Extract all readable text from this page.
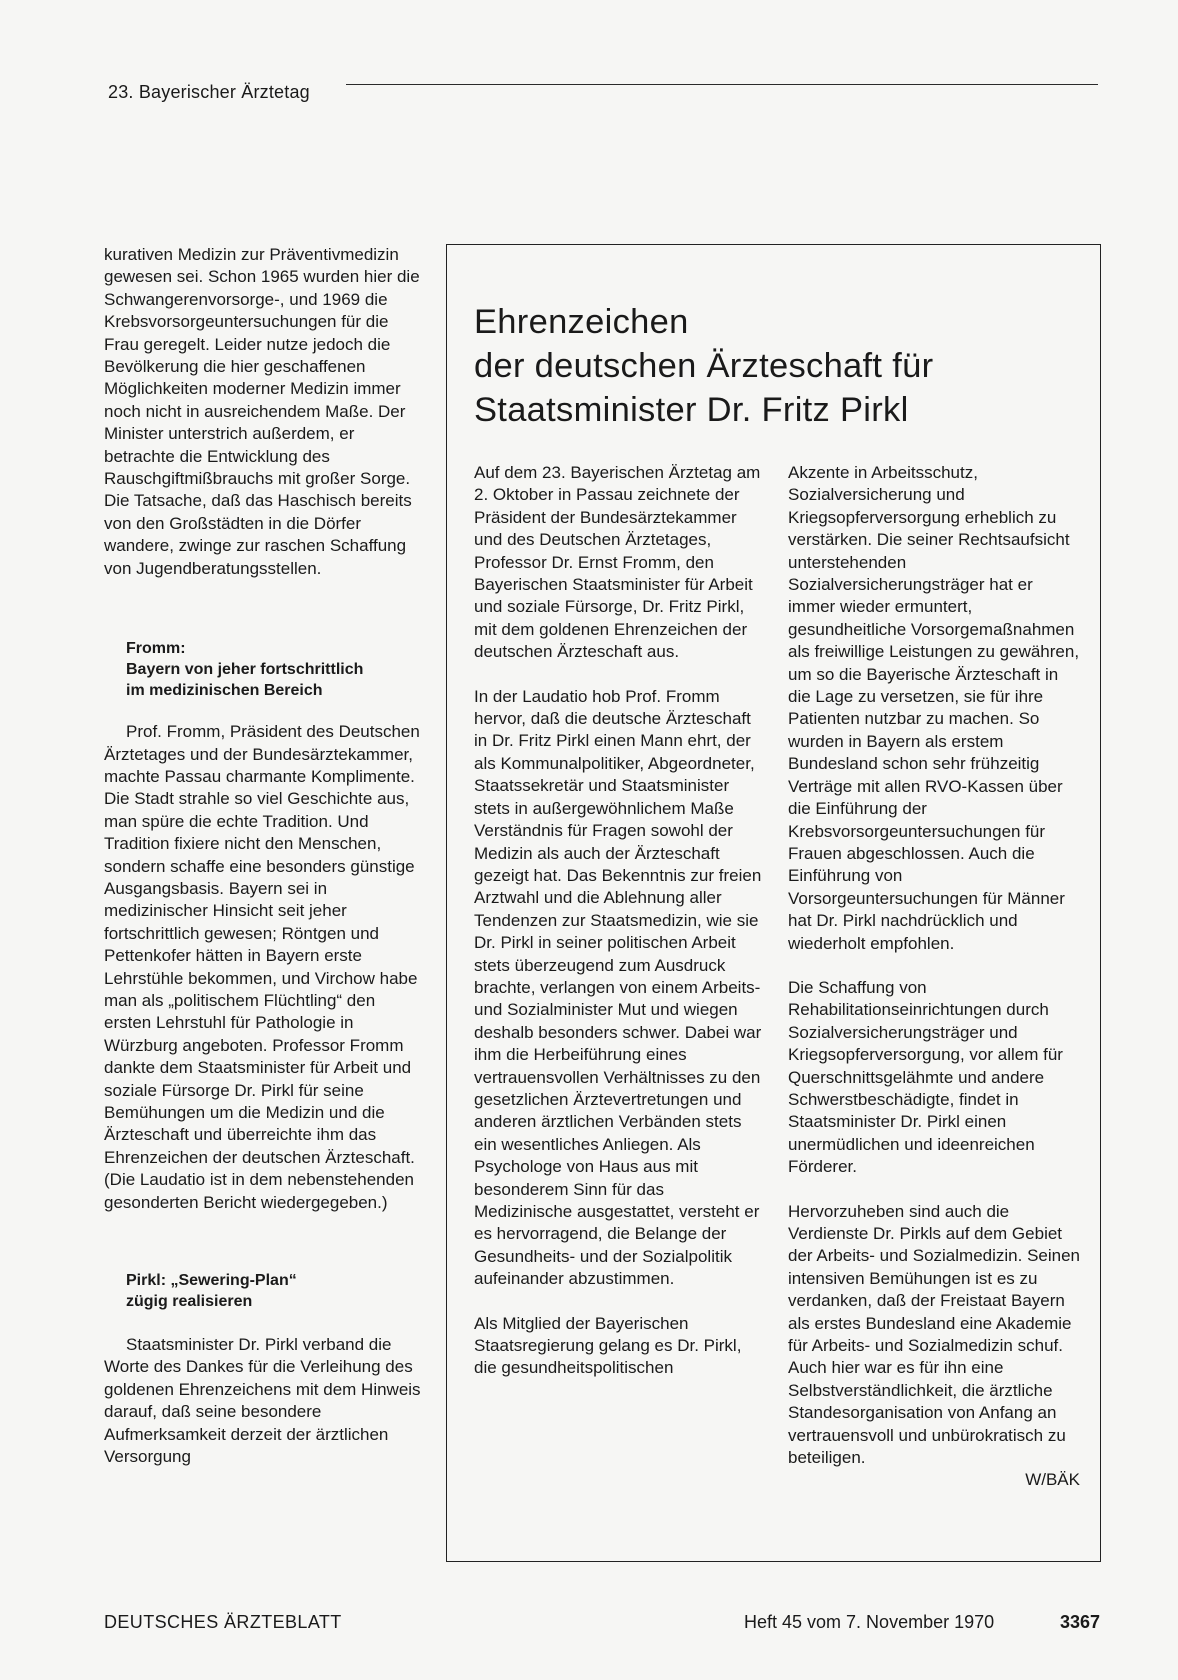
23. Bayerischer Ärztetag

kurativen Medizin zur Präventivmedizin gewesen sei. Schon 1965 wurden hier die Schwangerenvorsorge-, und 1969 die Krebsvorsorgeuntersuchungen für die Frau geregelt. Leider nutze jedoch die Bevölkerung die hier geschaffenen Möglichkeiten moderner Medizin immer noch nicht in ausreichendem Maße. Der Minister unterstrich außerdem, er betrachte die Entwicklung des Rauschgiftmißbrauchs mit großer Sorge. Die Tatsache, daß das Haschisch bereits von den Großstädten in die Dörfer wandere, zwinge zur raschen Schaffung von Jugendberatungsstellen.

Fromm:
Bayern von jeher fortschrittlich
im medizinischen Bereich

Prof. Fromm, Präsident des Deutschen Ärztetages und der Bundesärztekammer, machte Passau charmante Komplimente. Die Stadt strahle so viel Geschichte aus, man spüre die echte Tradition. Und Tradition fixiere nicht den Menschen, sondern schaffe eine besonders günstige Ausgangsbasis. Bayern sei in medizinischer Hinsicht seit jeher fortschrittlich gewesen; Röntgen und Pettenkofer hätten in Bayern erste Lehrstühle bekommen, und Virchow habe man als „politischem Flüchtling“ den ersten Lehrstuhl für Pathologie in Würzburg angeboten. Professor Fromm dankte dem Staatsminister für Arbeit und soziale Fürsorge Dr. Pirkl für seine Bemühungen um die Medizin und die Ärzteschaft und überreichte ihm das Ehrenzeichen der deutschen Ärzteschaft. (Die Laudatio ist in dem nebenstehenden gesonderten Bericht wiedergegeben.)

Pirkl: „Sewering-Plan“
zügig realisieren

Staatsminister Dr. Pirkl verband die Worte des Dankes für die Verleihung des goldenen Ehrenzeichens mit dem Hinweis darauf, daß seine besondere Aufmerksamkeit derzeit der ärztlichen Versorgung

Ehrenzeichen
der deutschen Ärzteschaft für
Staatsminister Dr. Fritz Pirkl

Auf dem 23. Bayerischen Ärztetag am 2. Oktober in Passau zeichnete der Präsident der Bundesärztekammer und des Deutschen Ärztetages, Professor Dr. Ernst Fromm, den Bayerischen Staatsminister für Arbeit und soziale Fürsorge, Dr. Fritz Pirkl, mit dem goldenen Ehrenzeichen der deutschen Ärzteschaft aus.

In der Laudatio hob Prof. Fromm hervor, daß die deutsche Ärzteschaft in Dr. Fritz Pirkl einen Mann ehrt, der als Kommunalpolitiker, Abgeordneter, Staatssekretär und Staatsminister stets in außergewöhnlichem Maße Verständnis für Fragen sowohl der Medizin als auch der Ärzteschaft gezeigt hat. Das Bekenntnis zur freien Arztwahl und die Ablehnung aller Tendenzen zur Staatsmedizin, wie sie Dr. Pirkl in seiner politischen Arbeit stets überzeugend zum Ausdruck brachte, verlangen von einem Arbeits- und Sozialminister Mut und wiegen deshalb besonders schwer. Dabei war ihm die Herbeiführung eines vertrauensvollen Verhältnisses zu den gesetzlichen Ärztevertretungen und anderen ärztlichen Verbänden stets ein wesentliches Anliegen. Als Psychologe von Haus aus mit besonderem Sinn für das Medizinische ausgestattet, versteht er es hervorragend, die Belange der Gesundheits- und der Sozialpolitik aufeinander abzustimmen.

Als Mitglied der Bayerischen Staatsregierung gelang es Dr. Pirkl, die gesundheitspolitischen

Akzente in Arbeitsschutz, Sozialversicherung und Kriegsopferversorgung erheblich zu verstärken. Die seiner Rechtsaufsicht unterstehenden Sozialversicherungsträger hat er immer wieder ermuntert, gesundheitliche Vorsorgemaßnahmen als freiwillige Leistungen zu gewähren, um so die Bayerische Ärzteschaft in die Lage zu versetzen, sie für ihre Patienten nutzbar zu machen. So wurden in Bayern als erstem Bundesland schon sehr frühzeitig Verträge mit allen RVO-Kassen über die Einführung der Krebsvorsorgeuntersuchungen für Frauen abgeschlossen. Auch die Einführung von Vorsorgeuntersuchungen für Männer hat Dr. Pirkl nachdrücklich und wiederholt empfohlen.

Die Schaffung von Rehabilitationseinrichtungen durch Sozialversicherungsträger und Kriegsopferversorgung, vor allem für Querschnittsgelähmte und andere Schwerstbeschädigte, findet in Staatsminister Dr. Pirkl einen unermüdlichen und ideenreichen Förderer.

Hervorzuheben sind auch die Verdienste Dr. Pirkls auf dem Gebiet der Arbeits- und Sozialmedizin. Seinen intensiven Bemühungen ist es zu verdanken, daß der Freistaat Bayern als erstes Bundesland eine Akademie für Arbeits- und Sozialmedizin schuf. Auch hier war es für ihn eine Selbstverständlichkeit, die ärztliche Standesorganisation von Anfang an vertrauensvoll und unbürokratisch zu beteiligen.

W/BÄK
DEUTSCHES ÄRZTEBLATT	Heft 45 vom 7. November 1970	3367
